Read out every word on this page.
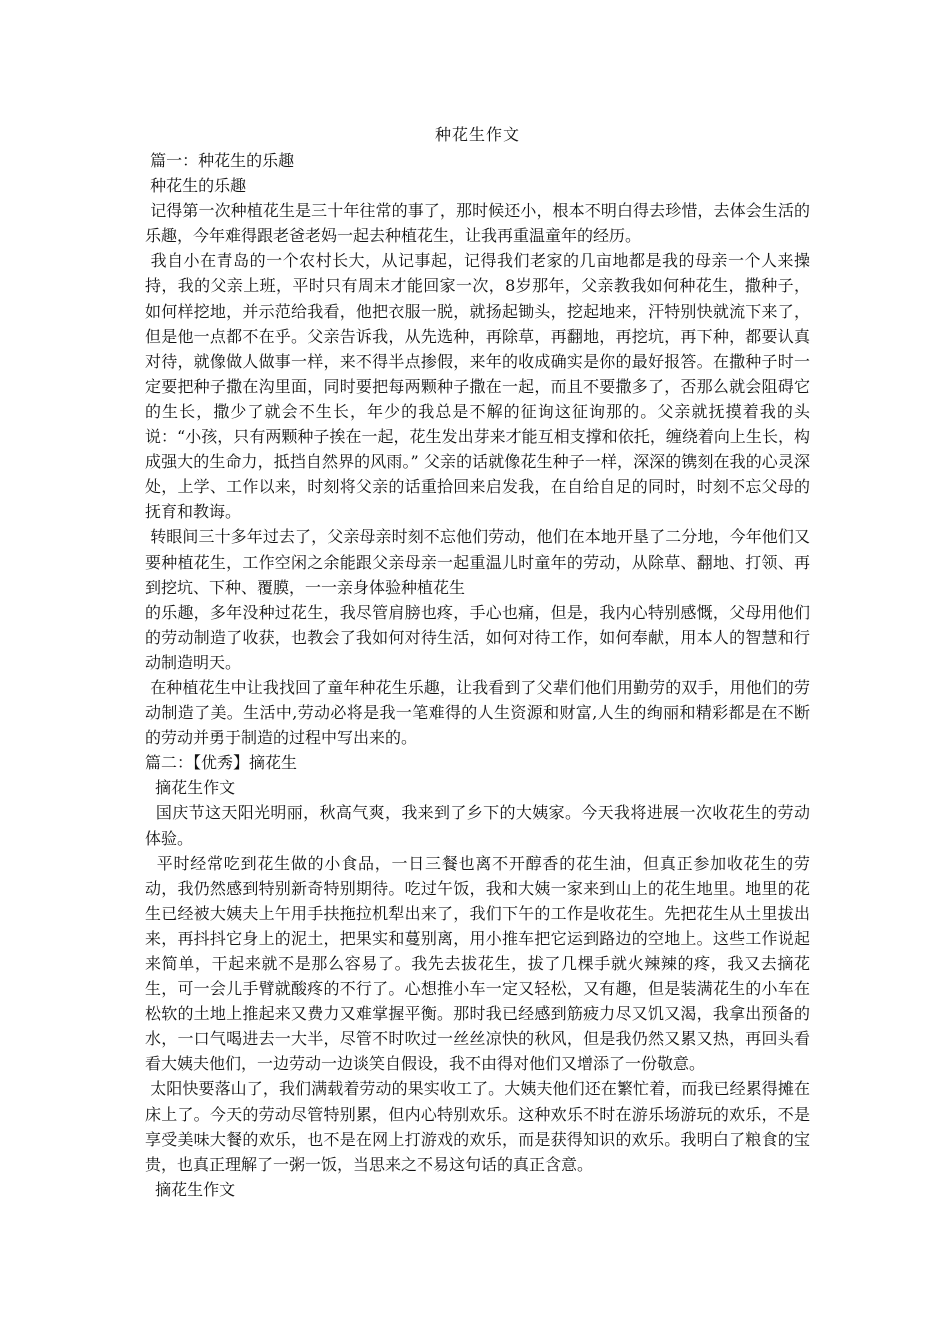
种花生作文

篇一：种花生的乐趣

种花生的乐趣

记得第一次种植花生是三十年往常的事了，那时候还小，根本不明白得去珍惜，去体会生活的乐趣，今年难得跟老爸老妈一起去种植花生，让我再重温童年的经历。

我自小在青岛的一个农村长大，从记事起，记得我们老家的几亩地都是我的母亲一个人来操持，我的父亲上班，平时只有周末才能回家一次，8岁那年，父亲教我如何种花生，撒种子，如何样挖地，并示范给我看，他把衣服一脱，就扬起锄头，挖起地来，汗特别快就流下来了，但是他一点都不在乎。父亲告诉我，从先选种，再除草，再翻地，再挖坑，再下种，都要认真对待，就像做人做事一样，来不得半点掺假，来年的收成确实是你的最好报答。在撒种子时一定要把种子撒在沟里面，同时要把每两颗种子撒在一起，而且不要撒多了，否那么就会阻碍它的生长，撒少了就会不生长，年少的我总是不解的征询这征询那的。父亲就抚摸着我的头说：“小孩，只有两颗种子挨在一起，花生发出芽来才能互相支撑和依托，缠绕着向上生长，构成强大的生命力，抵挡自然界的风雨。” 父亲的话就像花生种子一样，深深的镌刻在我的心灵深处，上学、工作以来，时刻将父亲的话重拾回来启发我，在自给自足的同时，时刻不忘父母的抚育和教诲。

转眼间三十多年过去了，父亲母亲时刻不忘他们劳动，他们在本地开垦了二分地，今年他们又要种植花生，工作空闲之余能跟父亲母亲一起重温儿时童年的劳动，从除草、翻地、打领、再到挖坑、下种、覆膜，一一亲身体验种植花生

的乐趣，多年没种过花生，我尽管肩膀也疼，手心也痛，但是，我内心特别感慨，父母用他们的劳动制造了收获，也教会了我如何对待生活，如何对待工作，如何奉献，用本人的智慧和行动制造明天。

在种植花生中让我找回了童年种花生乐趣，让我看到了父辈们他们用勤劳的双手，用他们的劳动制造了美。生活中,劳动必将是我一笔难得的人生资源和财富,人生的绚丽和精彩都是在不断的劳动并勇于制造的过程中写出来的。

篇二：【优秀】摘花生

摘花生作文

国庆节这天阳光明丽，秋高气爽，我来到了乡下的大姨家。今天我将进展一次收花生的劳动体验。

平时经常吃到花生做的小食品，一日三餐也离不开醇香的花生油，但真正参加收花生的劳动，我仍然感到特别新奇特别期待。吃过午饭，我和大姨一家来到山上的花生地里。地里的花生已经被大姨夫上午用手扶拖拉机犁出来了，我们下午的工作是收花生。先把花生从土里拔出来，再抖抖它身上的泥土，把果实和蔓别离，用小推车把它运到路边的空地上。这些工作说起来简单，干起来就不是那么容易了。我先去拔花生，拔了几棵手就火辣辣的疼，我又去摘花生，可一会儿手臂就酸疼的不行了。心想推小车一定又轻松，又有趣，但是装满花生的小车在松软的土地上推起来又费力又难掌握平衡。那时我已经感到筋疲力尽又饥又渴，我拿出预备的水，一口气喝进去一大半，尽管不时吹过一丝丝凉快的秋风，但是我仍然又累又热，再回头看看大姨夫他们，一边劳动一边谈笑自假设，我不由得对他们又增添了一份敬意。

太阳快要落山了，我们满载着劳动的果实收工了。大姨夫他们还在繁忙着，而我已经累得摊在床上了。今天的劳动尽管特别累，但内心特别欢乐。这种欢乐不时在游乐场游玩的欢乐，不是享受美味大餐的欢乐，也不是在网上打游戏的欢乐，而是获得知识的欢乐。我明白了粮食的宝贵，也真正理解了一粥一饭，当思来之不易这句话的真正含意。

摘花生作文
